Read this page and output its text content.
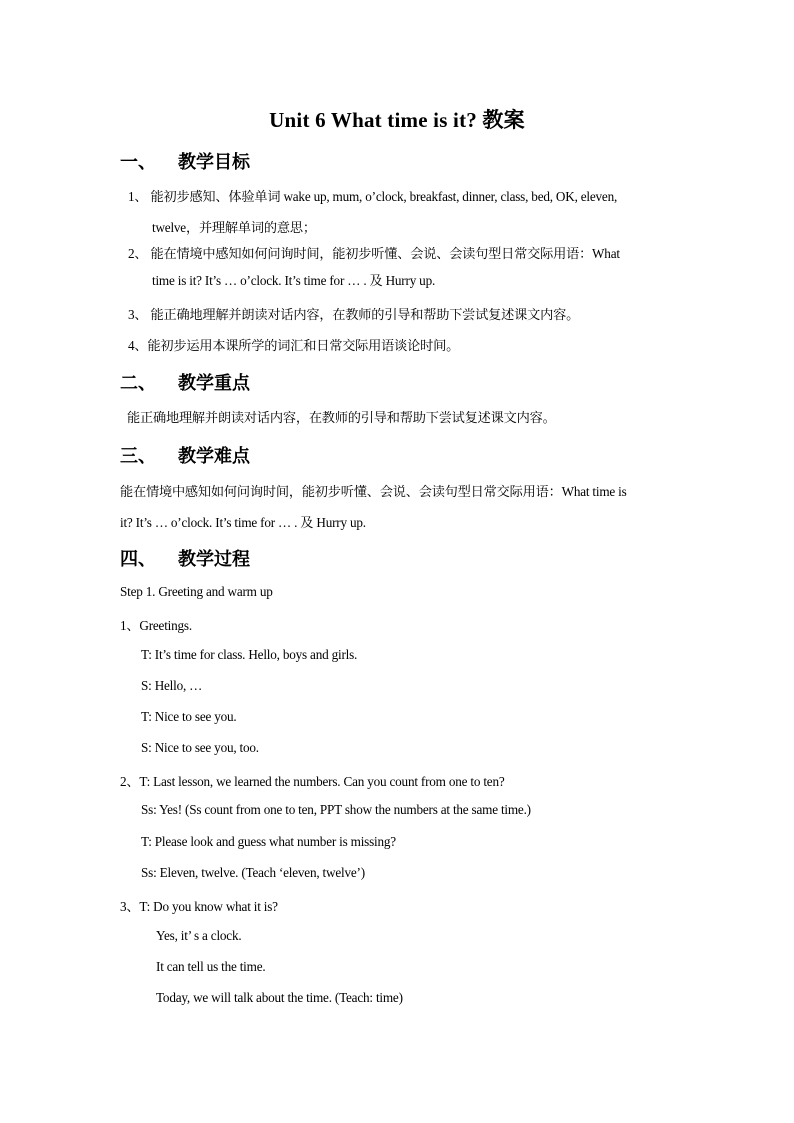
Unit 6 What time is it? 教案
一、 教学目标
1、 能初步感知、体验单词 wake up, mum, o’clock, breakfast, dinner, class, bed, OK, eleven,
twelve，并理解单词的意思；
2、 能在情境中感知如何问询时间，能初步听懂、会说、会读句型日常交际用语：What
time is it? It’s … o’clock. It’s time for … . 及 Hurry up.
3、 能正确地理解并朗读对话内容，在教师的引导和帮助下尝试复述课文内容。
4、能初步运用本课所学的词汇和日常交际用语谈论时间。
二、 教学重点
能正确地理解并朗读对话内容，在教师的引导和帮助下尝试复述课文内容。
三、 教学难点
能在情境中感知如何问询时间，能初步听懂、会说、会读句型日常交际用语：What time is
it? It’s … o’clock. It’s time for … . 及 Hurry up.
四、 教学过程
Step 1. Greeting and warm up
1、Greetings.
T: It’s time for class. Hello, boys and girls.
S: Hello, …
T: Nice to see you.
S: Nice to see you, too.
2、T: Last lesson, we learned the numbers. Can you count from one to ten?
Ss: Yes! (Ss count from one to ten, PPT show the numbers at the same time.)
T: Please look and guess what number is missing?
Ss: Eleven, twelve. (Teach ‘eleven, twelve’)
3、T: Do you know what it is?
Yes, it’ s a clock.
It can tell us the time.
Today, we will talk about the time. (Teach: time)
